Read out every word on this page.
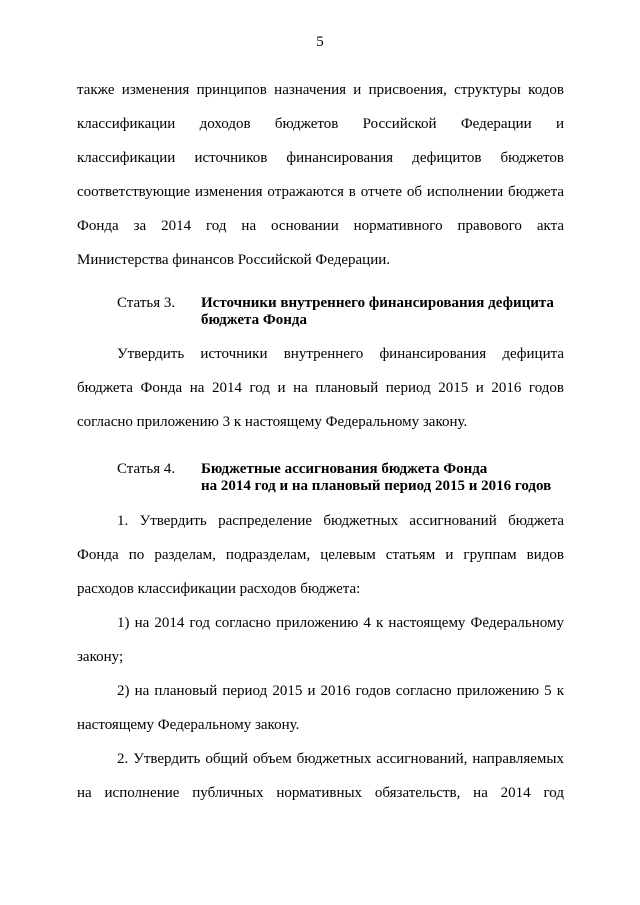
5
также изменения принципов назначения и присвоения, структуры кодов
классификации доходов бюджетов Российской Федерации и
классификации источников финансирования дефицитов бюджетов
соответствующие изменения отражаются в отчете об исполнении бюджета
Фонда за 2014 год на основании нормативного правового акта
Министерства финансов Российской Федерации.
Статья 3. Источники внутреннего финансирования дефицита
бюджета Фонда
Утвердить источники внутреннего финансирования дефицита
бюджета Фонда на 2014 год и на плановый период 2015 и 2016 годов
согласно приложению 3 к настоящему Федеральному закону.
Статья 4. Бюджетные ассигнования бюджета Фонда
на 2014 год и на плановый период 2015 и 2016 годов
1. Утвердить распределение бюджетных ассигнований бюджета
Фонда по разделам, подразделам, целевым статьям и группам видов
расходов классификации расходов бюджета:
1) на 2014 год согласно приложению 4 к настоящему Федеральному
закону;
2) на плановый период 2015 и 2016 годов согласно приложению 5 к
настоящему Федеральному закону.
2. Утвердить общий объем бюджетных ассигнований, направляемых
на исполнение публичных нормативных обязательств, на 2014 год
